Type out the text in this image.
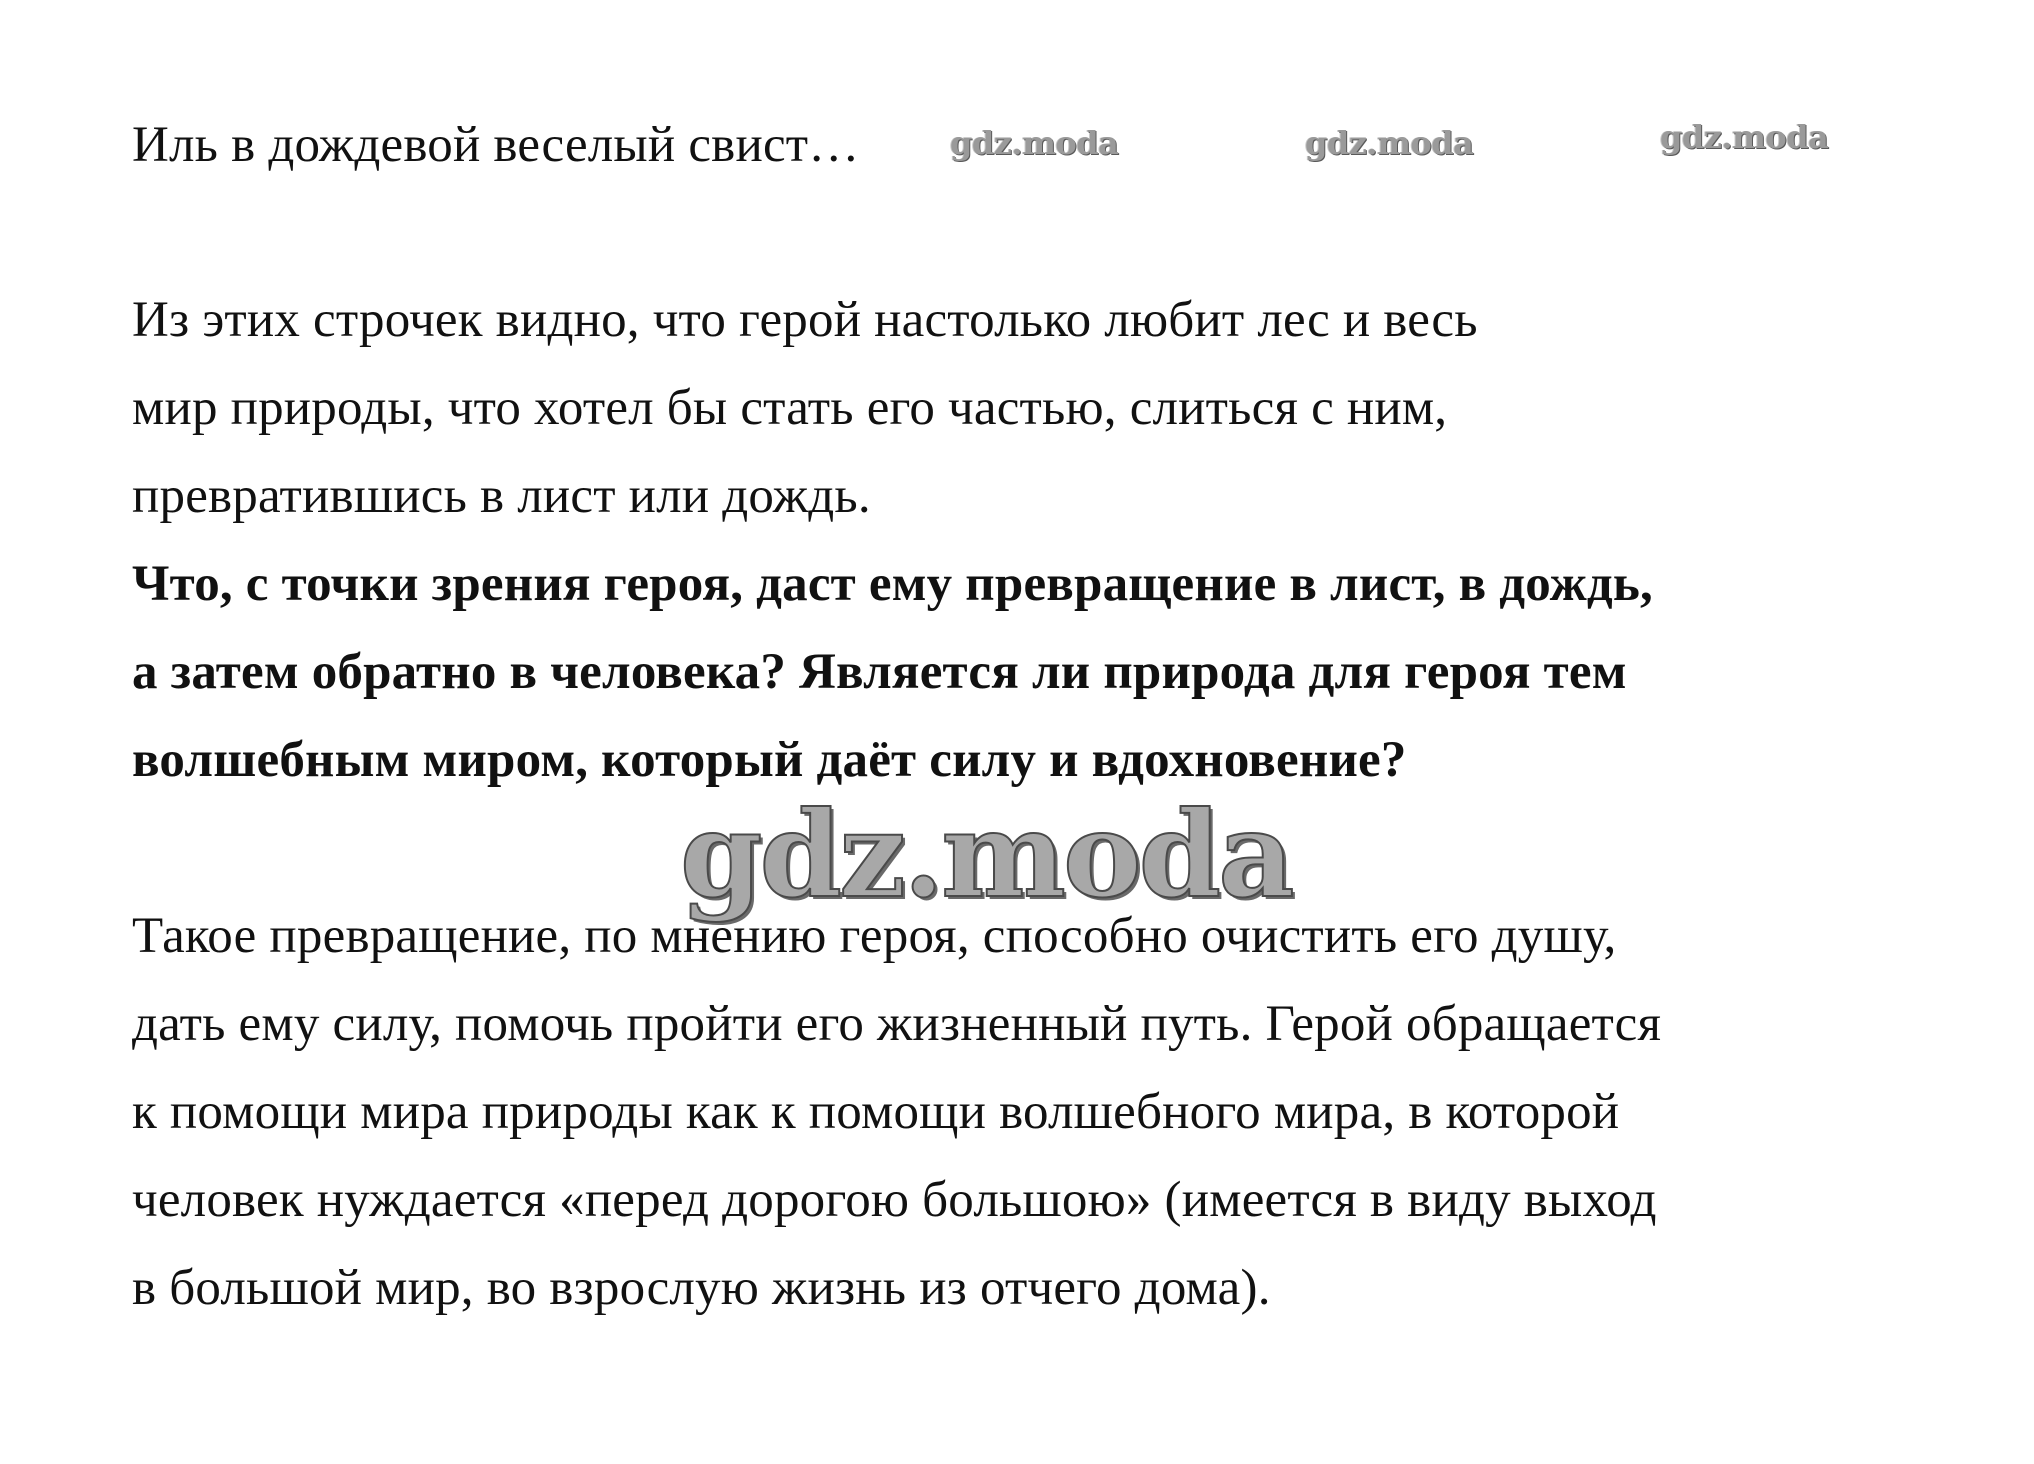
Иль в дождевой веселый свист…	gdz.moda	gdz.moda	gdz.moda
Из этих строчек видно, что герой настолько любит лес и весь
мир природы, что хотел бы стать его частью, слиться с ним,
превратившись в лист или дождь.
Что, с точки зрения героя, даст ему превращение в лист, в дождь,
а затем обратно в человека? Является ли природа для героя тем
волшебным миром, который даёт силу и вдохновение?
gdz.moda
Такое превращение, по мнению героя, способно очистить его душу,
дать ему силу, помочь пройти его жизненный путь. Герой обращается
к помощи мира природы как к помощи волшебного мира, в которой
человек нуждается «перед дорогою большою» (имеется в виду выход
в большой мир, во взрослую жизнь из отчего дома).
